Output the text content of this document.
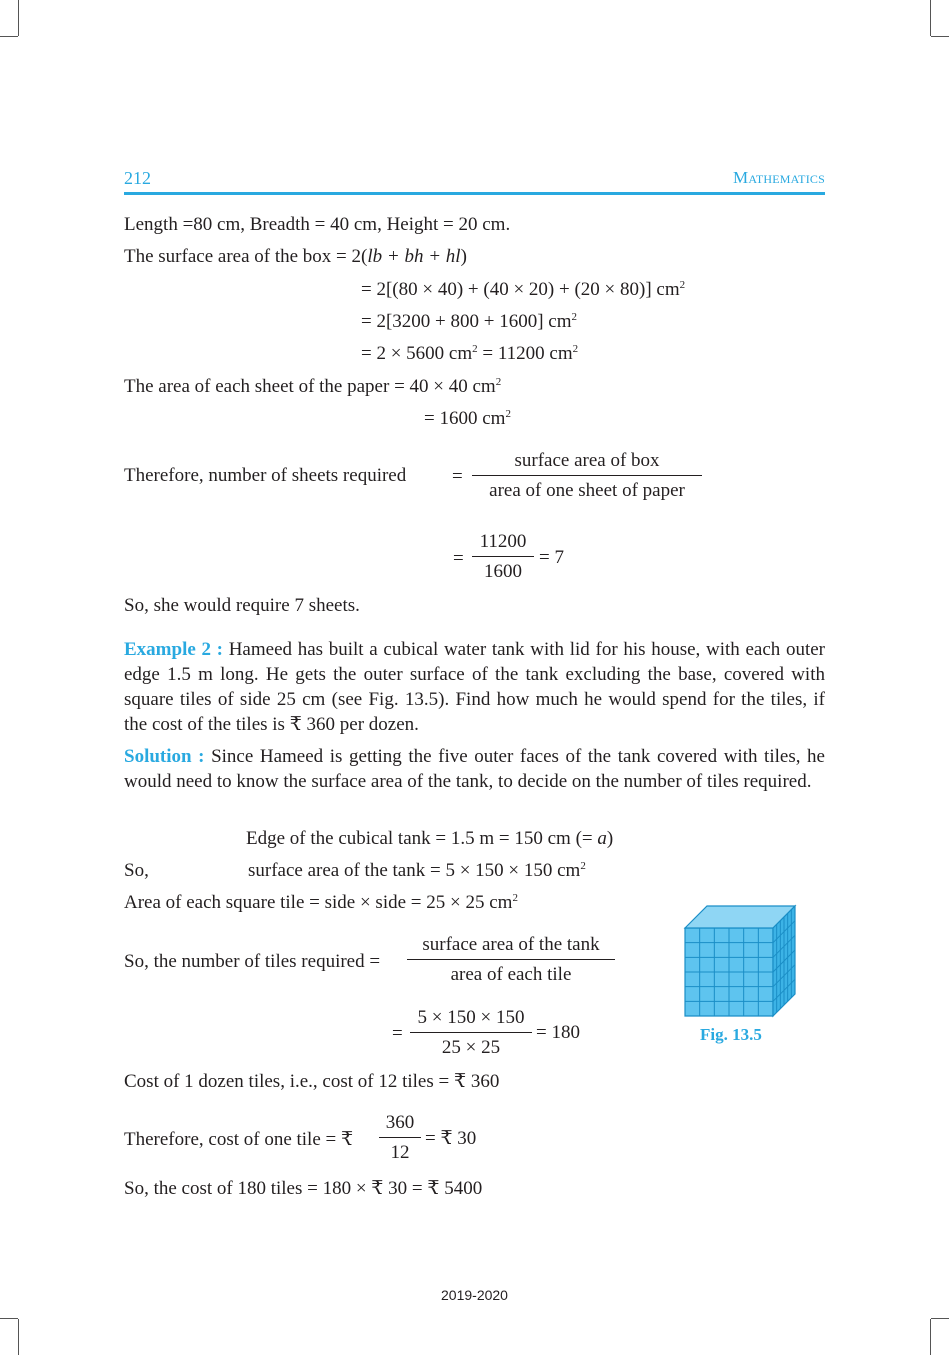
212	Mathematics
Length =80 cm, Breadth = 40 cm, Height = 20 cm.
The surface area of the box = 2(lb + bh + hl)
= 2[(80 × 40) + (40 × 20) + (20 × 80)] $cm^2$
= 2[3200 + 800 + 1600] $cm^2$
= 2 × 5600 $cm^2 = 11200$ $cm^2$
The area of each sheet of the paper = 40 × 40 $cm^2$
= 1600 $cm^2$
Therefore, number of sheets required =
surface area of box
area of one sheet of paper
= $\frac{11200}{1600} = 7$
So, she would require 7 sheets.
Example 2 : Hameed has built a cubical water tank with lid for his house, with each outer edge 1.5 m long. He gets the outer surface of the tank excluding the base, covered with square tiles of side 25 cm (see Fig. 13.5). Find how much he would spend for the tiles, if the cost of the tiles is ₹ 360 per dozen.
Solution : Since Hameed is getting the five outer faces of the tank covered with tiles, he would need to know the surface area of the tank, to decide on the number of tiles required.
Edge of the cubical tank = 1.5 m = 150 cm (= a)
So,	surface area of the tank = 5 × 150 × 150 $cm^2$
Area of each square tile = side × side = 25 × 25 $cm^2$
So, the number of tiles required =
surface area of the tank
area of each tile
= $\frac{5 \times 150 \times 150}{25 \times 25} = 180$
Cost of 1 dozen tiles, i.e., cost of 12 tiles = ₹ 360
Therefore, cost of one tile = ₹ $\frac{360}{12}$ = ₹ 30
So, the cost of 180 tiles = 180 × ₹ 30 = ₹ 5400
Fig. 13.5
2019-2020
